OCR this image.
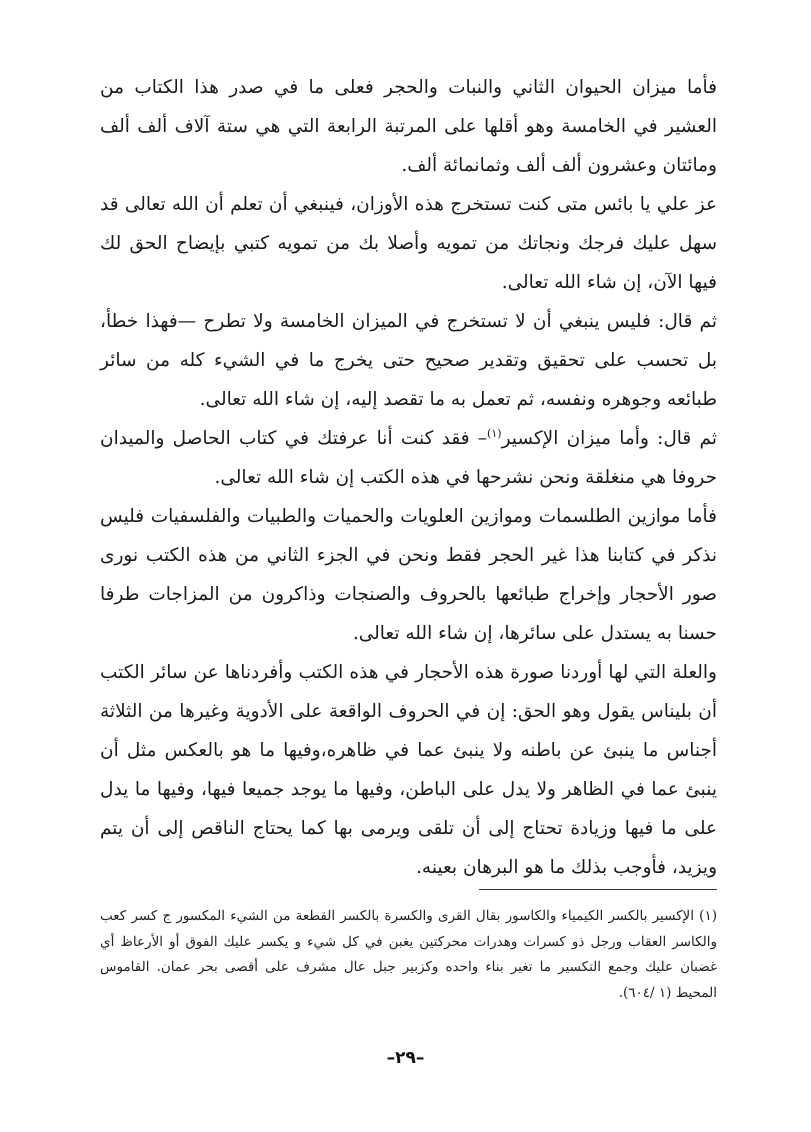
فأما ميزان الحيوان الثاني والنبات والحجر فعلى ما في صدر هذا الكتاب من العشير في الخامسة وهو أقلها على المرتبة الرابعة التي هي ستة آلاف ألف ألف ومائتان وعشرون ألف ألف وثمانمائة ألف.

عز علي يا بائس متى كنت تستخرج هذه الأوزان، فينبغي أن تعلم أن الله تعالى قد سهل عليك فرجك ونجاتك من تمويه وأصلا بك من تمويه كتبي بإيضاح الحق لك فيها الآن، إن شاء الله تعالى.

ثم قال: فليس ينبغي أن لا تستخرج في الميزان الخامسة ولا تطرح —فهذا خطأ، بل تحسب على تحقيق وتقدير صحيح حتى يخرج ما في الشيء كله من سائر طبائعه وجوهره ونفسه، ثم تعمل به ما تقصد إليه، إن شاء الله تعالى.

ثم قال: وأما ميزان الإكسير$^{(١)}$– فقد كنت أنا عرفتك في كتاب الحاصل والميدان حروفا هي منغلقة ونحن نشرحها في هذه الكتب إن شاء الله تعالى.

فأما موازين الطلسمات وموازين العلويات والحميات والطبيات والفلسفيات فليس نذكر في كتابنا هذا غير الحجر فقط ونحن في الجزء الثاني من هذه الكتب نورى صور الأحجار وإخراج طبائعها بالحروف والصنجات وذاكرون من المزاجات طرفا حسنا به يستدل على سائرها، إن شاء الله تعالى.

والعلة التي لها أوردنا صورة هذه الأحجار في هذه الكتب وأفردناها عن سائر الكتب أن بليناس يقول وهو الحق: إن في الحروف الواقعة على الأدوية وغيرها من الثلاثة أجناس ما ينبئ عن باطنه ولا ينبئ عما في ظاهره،وفيها ما هو بالعكس مثل أن ينبئ عما في الظاهر ولا يدل على الباطن، وفيها ما يوجد جميعا فيها، وفيها ما يدل على ما فيها وزيادة تحتاج إلى أن تلقى ويرمى بها كما يحتاج الناقص إلى أن يتم ويزيد، فأوجب بذلك ما هو البرهان بعينه.

(١) الإكسير بالكسر الكيمياء والكاسور بقال القرى والكسرة بالكسر القطعة من الشيء المكسور ج كسر كعب والكاسر العقاب ورجل ذو كسرات وهدرات محركتين يغبن في كل شيء و يكسر عليك الفوق أو الأرعاظ أي غضبان عليك وجمع التكسير ما تغير بناء واحده وكزبير جبل عال مشرف على أقصى بحر عمان. القاموس المحيط (١ /٦٠٤).

–٢٩–
